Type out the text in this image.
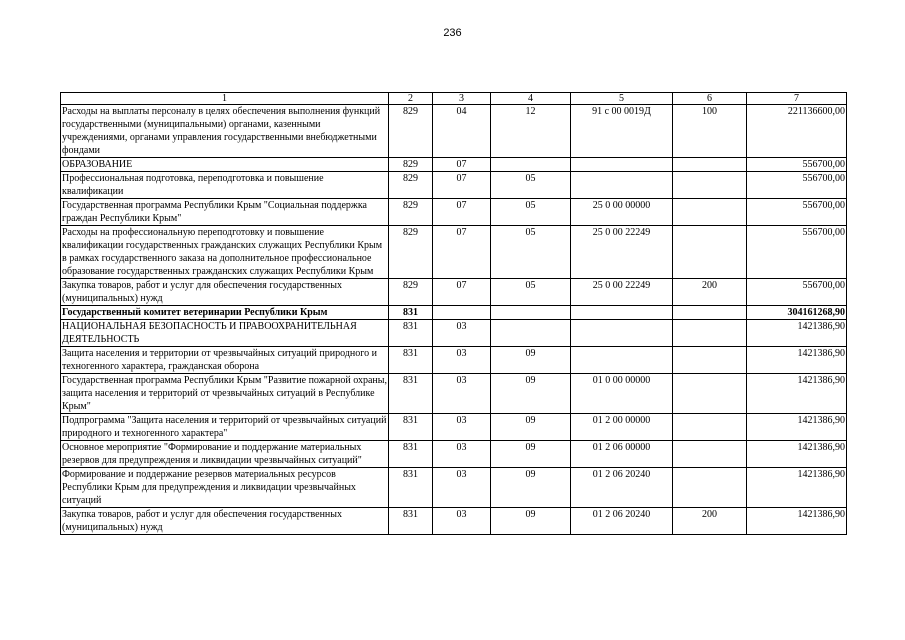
236
1	2	3	4	5	6	7
Расходы на выплаты персоналу в целях обеспечения выполнения функций государственными (муниципальными) органами, казенными учреждениями, органами управления государственными внебюджетными фондами	829	04	12	91 с 00 0019Д	100	221136600,00
ОБРАЗОВАНИЕ	829	07				556700,00
Профессиональная подготовка, переподготовка и повышение квалификации	829	07	05			556700,00
Государственная программа Республики Крым "Социальная поддержка граждан Республики Крым"	829	07	05	25 0 00 00000		556700,00
Расходы на профессиональную переподготовку и повышение квалификации государственных гражданских служащих Республики Крым в рамках государственного заказа на дополнительное профессиональное образование государственных гражданских служащих Республики Крым	829	07	05	25 0 00 22249		556700,00
Закупка товаров, работ и услуг для обеспечения государственных (муниципальных) нужд	829	07	05	25 0 00 22249	200	556700,00
Государственный комитет ветеринарии Республики Крым	831					304161268,90
НАЦИОНАЛЬНАЯ БЕЗОПАСНОСТЬ И ПРАВООХРАНИТЕЛЬНАЯ ДЕЯТЕЛЬНОСТЬ	831	03				1421386,90
Защита населения и территории от чрезвычайных ситуаций природного и техногенного характера, гражданская оборона	831	03	09			1421386,90
Государственная программа Республики Крым "Развитие пожарной охраны, защита населения и территорий от чрезвычайных ситуаций в Республике Крым"	831	03	09	01 0 00 00000		1421386,90
Подпрограмма "Защита населения и территорий от чрезвычайных ситуаций природного и техногенного характера"	831	03	09	01 2 00 00000		1421386,90
Основное мероприятие "Формирование и поддержание материальных резервов для предупреждения и ликвидации чрезвычайных ситуаций"	831	03	09	01 2 06 00000		1421386,90
Формирование и поддержание резервов материальных ресурсов Республики Крым для предупреждения и ликвидации чрезвычайных ситуаций	831	03	09	01 2 06 20240		1421386,90
Закупка товаров, работ и услуг для обеспечения государственных (муниципальных) нужд	831	03	09	01 2 06 20240	200	1421386,90
